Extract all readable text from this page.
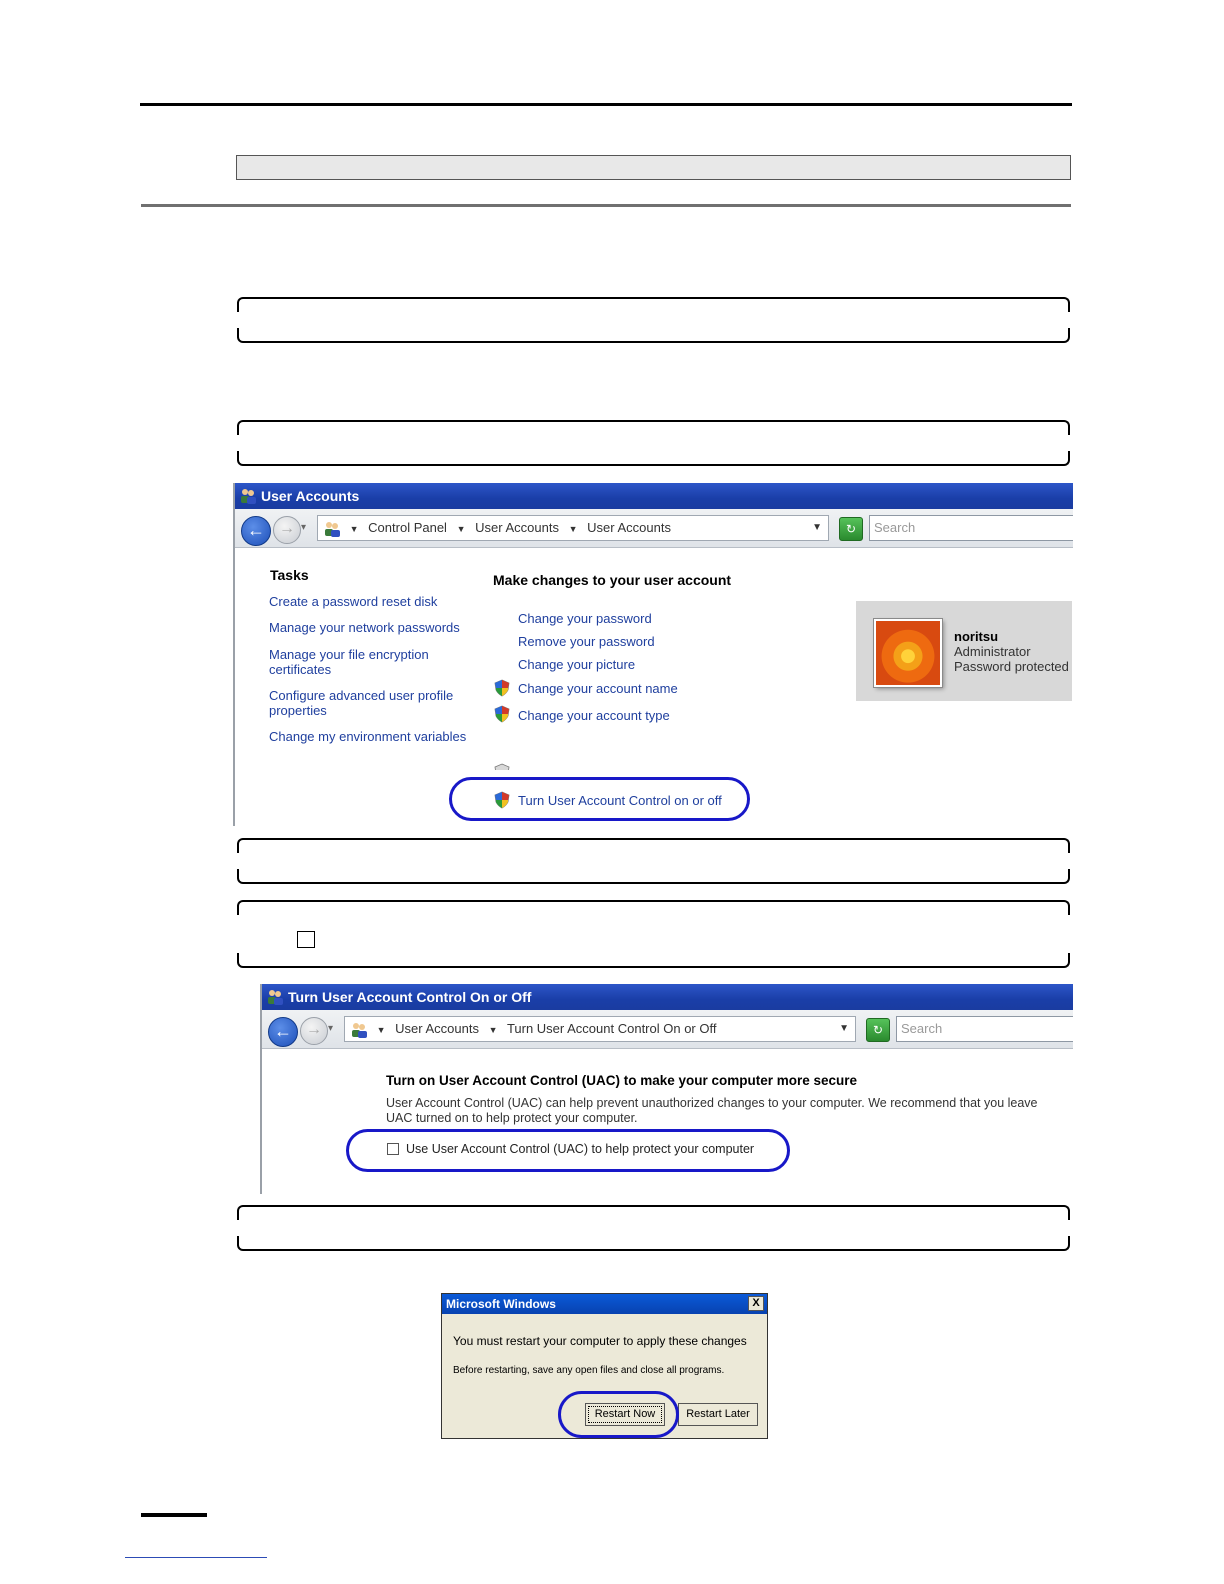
User Accounts
← → ▾	▼ Control Panel ▼ User Accounts ▼ User Accounts	▼	↻	Search
Tasks
Create a password reset disk
Manage your network passwords
Manage your file encryption certificates
Configure advanced user profile properties
Change my environment variables
Make changes to your user account
Change your password
Remove your password
Change your picture
Change your account name
Change your account type
Turn User Account Control on or off
noritsu
Administrator
Password protected
Turn User Account Control On or Off
← → ▾	▼ User Accounts ▼ Turn User Account Control On or Off	▼	↻	Search
Turn on User Account Control (UAC) to make your computer more secure
User Account Control (UAC) can help prevent unauthorized changes to your computer. We recommend that you leave UAC turned on to help protect your computer.
Use User Account Control (UAC) to help protect your computer
Microsoft Windows	X
You must restart your computer to apply these changes
Before restarting, save any open files and close all programs.
Restart Now	Restart Later
